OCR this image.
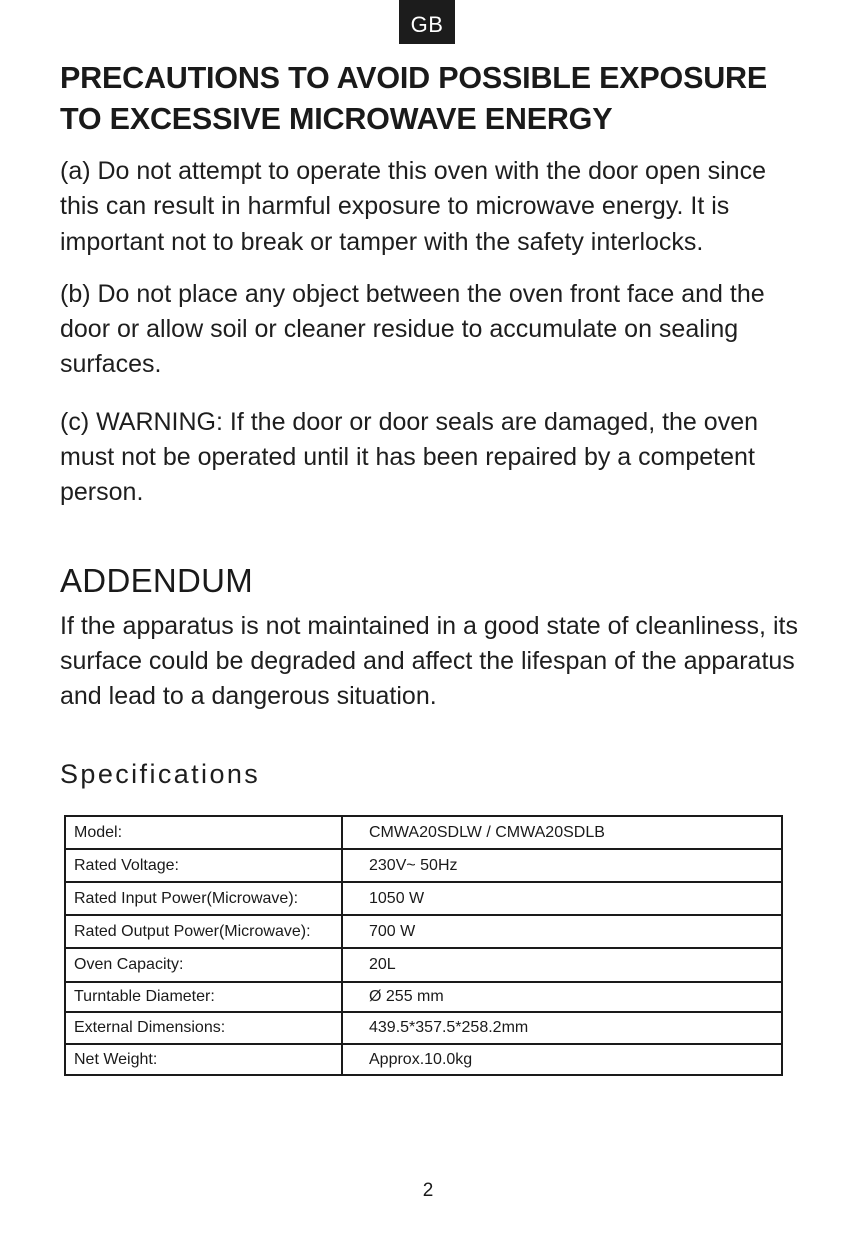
GB
PRECAUTIONS TO AVOID POSSIBLE EXPOSURE
TO EXCESSIVE MICROWAVE ENERGY

(a) Do not attempt to operate this oven with the door open since this can result in harmful exposure to microwave energy. It is important not to break or tamper with the safety interlocks.

(b) Do not place any object between the oven front face and the door or allow soil or cleaner residue to accumulate on sealing surfaces.

(c) WARNING: If the door or door seals are damaged, the oven must not be operated until it has been repaired by a competent person.

ADDENDUM

If the apparatus is not maintained in a good state of cleanliness, its surface could be degraded and affect the lifespan of the apparatus and lead to a dangerous situation.

Specifications
Model:	CMWA20SDLW / CMWA20SDLB
Rated Voltage:	230V~ 50Hz
Rated Input Power(Microwave):	1050 W
Rated Output Power(Microwave):	700 W
Oven Capacity:	20L
Turntable Diameter:	Ø 255 mm
External Dimensions:	439.5*357.5*258.2mm
Net Weight:	Approx.10.0kg
2
